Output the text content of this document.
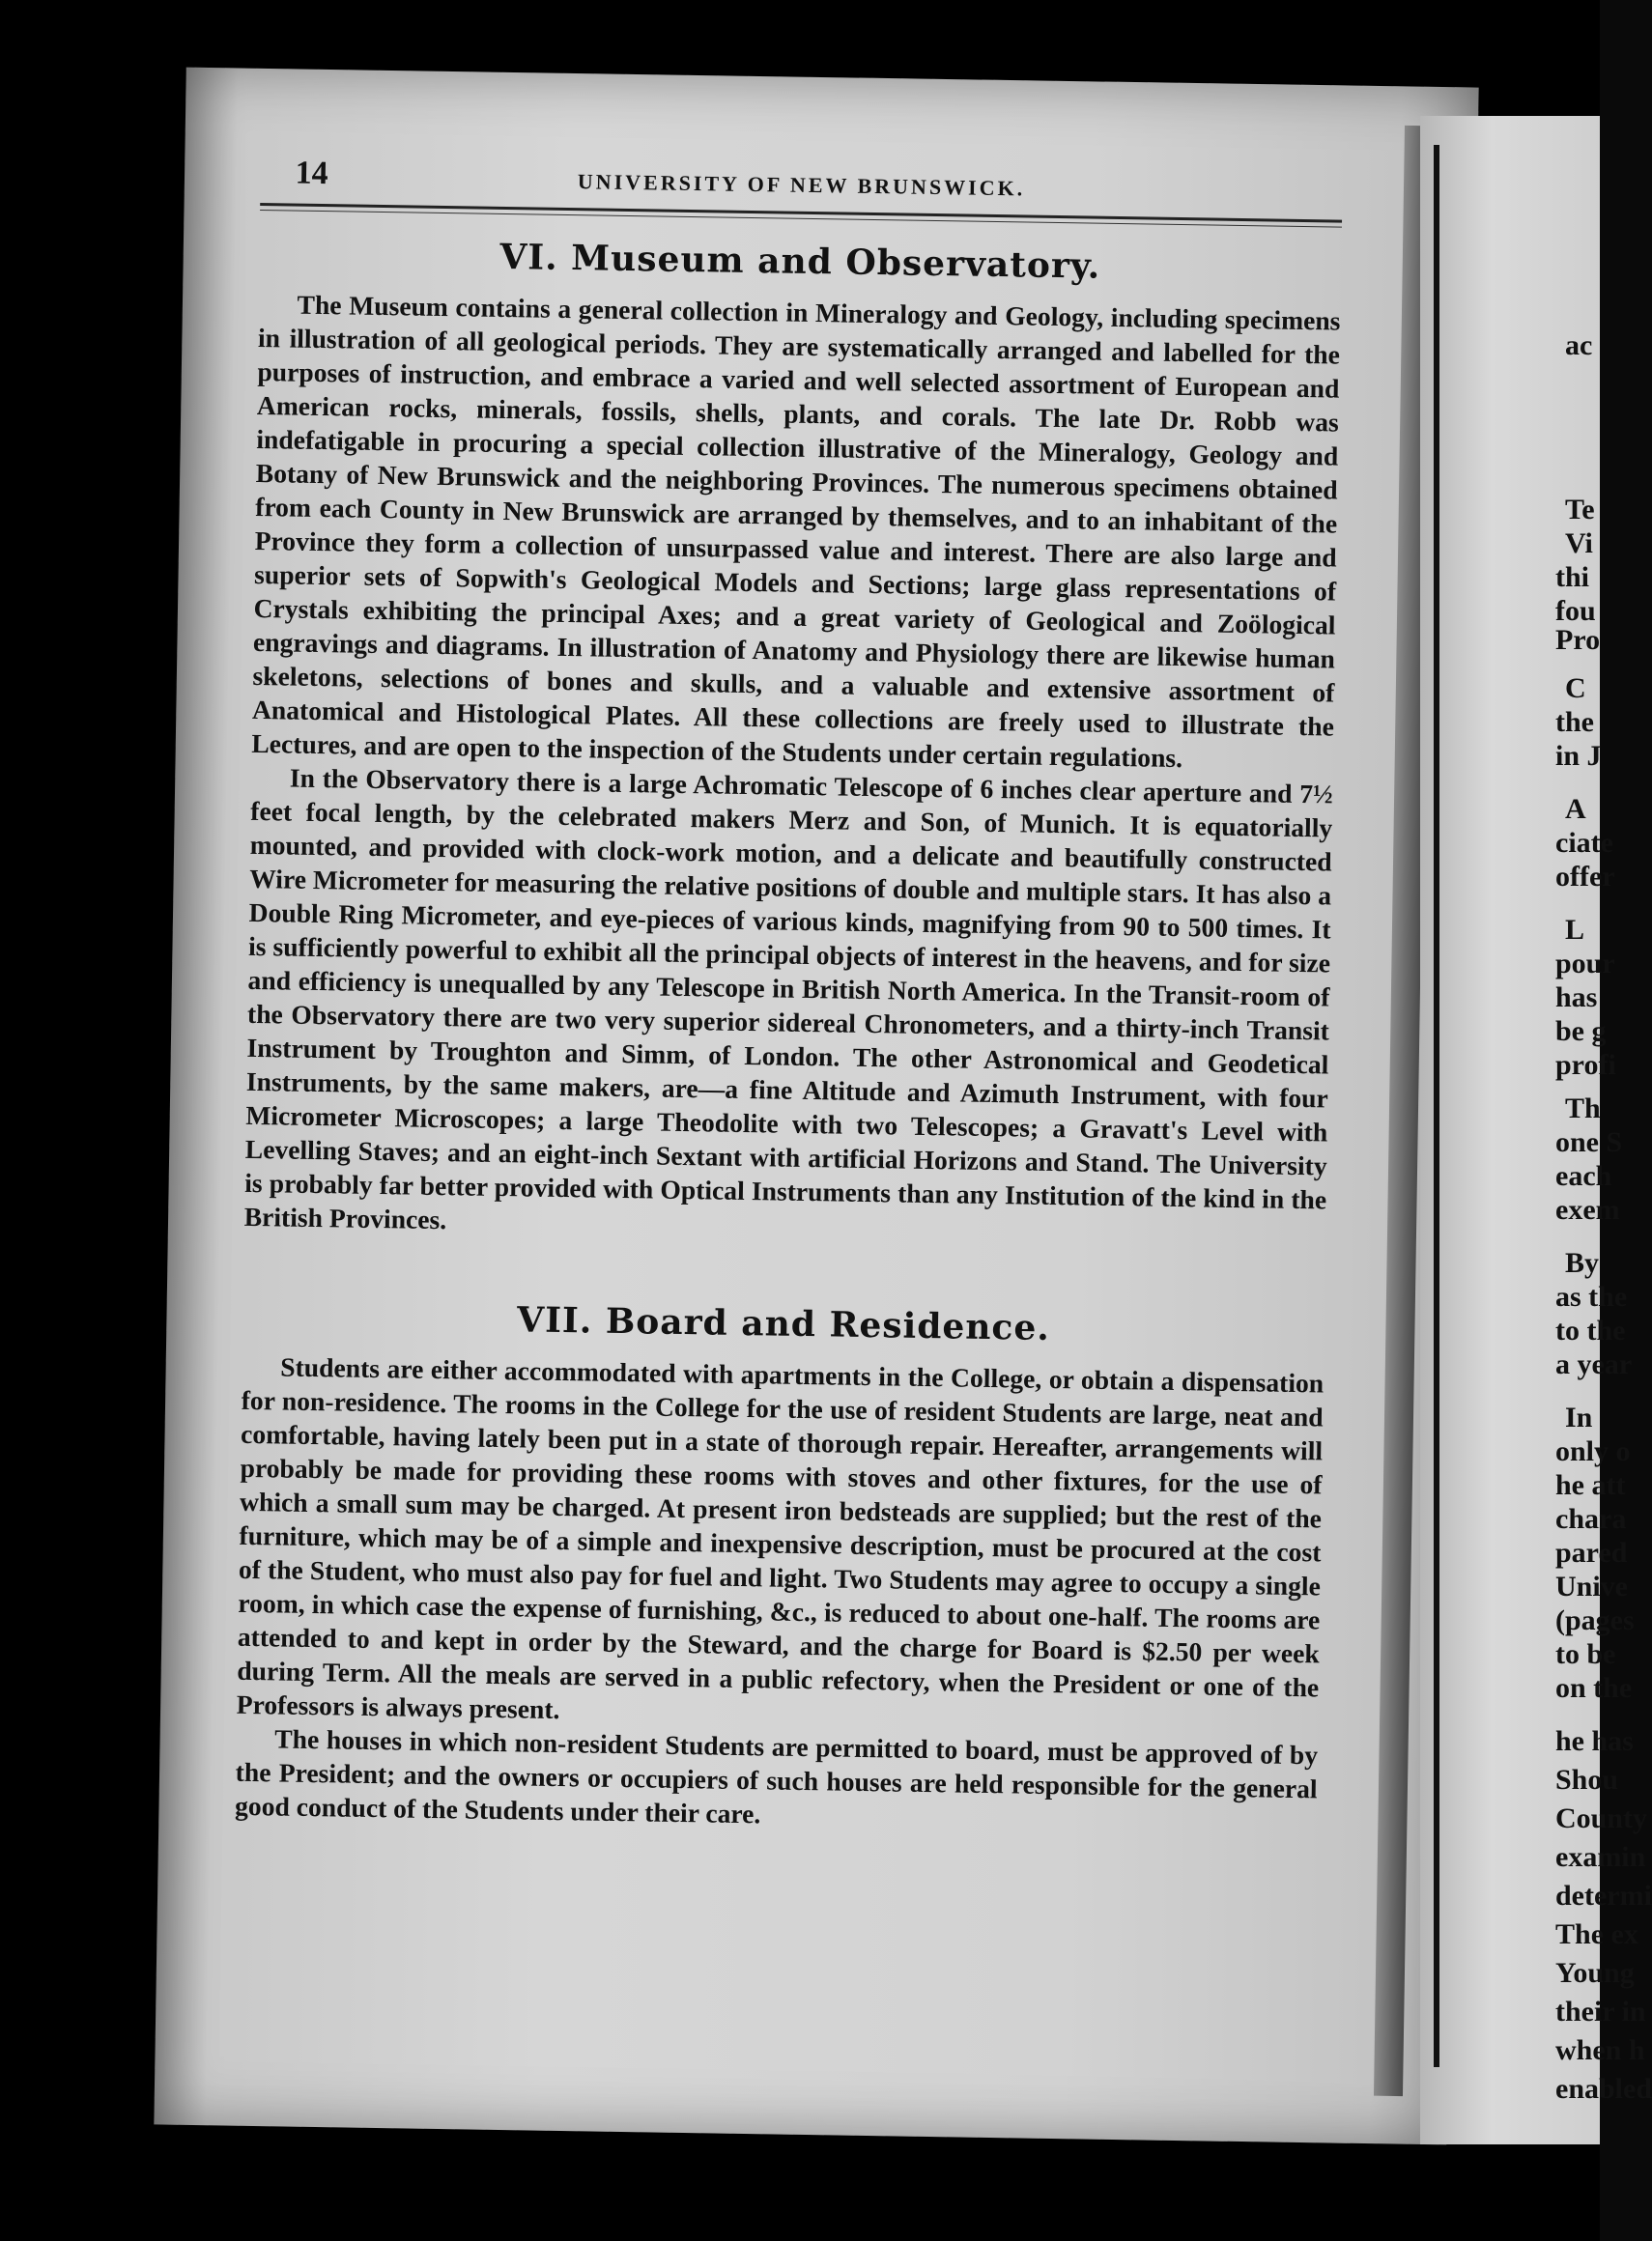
ac
Te
Vi
thi
fou
Pro
C
the
in J
A
ciate
offer
L
pour
has
be g
profi
Th
one S
each
exem
By
as the
to the
a year
In
only o
he att
chara
pared
Unive
(pages
to be
on the
he has
Shou
County
examin
determi
The ex
Young
their in
when h
enabled
14	UNIVERSITY OF NEW BRUNSWICK.
VI. Museum and Observatory.

The Museum contains a general collection in Mineralogy and Geology, including specimens in illustration of all geological periods. They are systematically arranged and labelled for the purposes of instruction, and embrace a varied and well selected assortment of European and American rocks, minerals, fossils, shells, plants, and corals. The late Dr. Robb was indefatigable in procuring a special collection illustrative of the Mineralogy, Geology and Botany of New Brunswick and the neighboring Provinces. The numerous specimens obtained from each County in New Brunswick are arranged by themselves, and to an inhabitant of the Province they form a collection of unsurpassed value and interest. There are also large and superior sets of Sopwith's Geological Models and Sections; large glass representations of Crystals exhibiting the principal Axes; and a great variety of Geological and Zoölogical engravings and diagrams. In illustration of Anatomy and Physiology there are likewise human skeletons, selections of bones and skulls, and a valuable and extensive assortment of Anatomical and Histological Plates. All these collections are freely used to illustrate the Lectures, and are open to the inspection of the Students under certain regulations.

In the Observatory there is a large Achromatic Telescope of 6 inches clear aperture and 7½ feet focal length, by the celebrated makers Merz and Son, of Munich. It is equatorially mounted, and provided with clock-work motion, and a delicate and beautifully constructed Wire Micrometer for measuring the relative positions of double and multiple stars. It has also a Double Ring Micrometer, and eye-pieces of various kinds, magnifying from 90 to 500 times. It is sufficiently powerful to exhibit all the principal objects of interest in the heavens, and for size and efficiency is unequalled by any Telescope in British North America. In the Transit-room of the Observatory there are two very superior sidereal Chronometers, and a thirty-inch Transit Instrument by Troughton and Simm, of London. The other Astronomical and Geodetical Instruments, by the same makers, are—a fine Altitude and Azimuth Instrument, with four Micrometer Microscopes; a large Theodolite with two Telescopes; a Gravatt's Level with Levelling Staves; and an eight-inch Sextant with artificial Horizons and Stand. The University is probably far better provided with Optical Instruments than any Institution of the kind in the British Provinces.

VII. Board and Residence.

Students are either accommodated with apartments in the College, or obtain a dispensation for non-residence. The rooms in the College for the use of resident Students are large, neat and comfortable, having lately been put in a state of thorough repair. Hereafter, arrangements will probably be made for providing these rooms with stoves and other fixtures, for the use of which a small sum may be charged. At present iron bedsteads are supplied; but the rest of the furniture, which may be of a simple and inexpensive description, must be procured at the cost of the Student, who must also pay for fuel and light. Two Students may agree to occupy a single room, in which case the expense of furnishing, &c., is reduced to about one-half. The rooms are attended to and kept in order by the Steward, and the charge for Board is $2.50 per week during Term. All the meals are served in a public refectory, when the President or one of the Professors is always present.

The houses in which non-resident Students are permitted to board, must be approved of by the President; and the owners or occupiers of such houses are held responsible for the general good conduct of the Students under their care.
